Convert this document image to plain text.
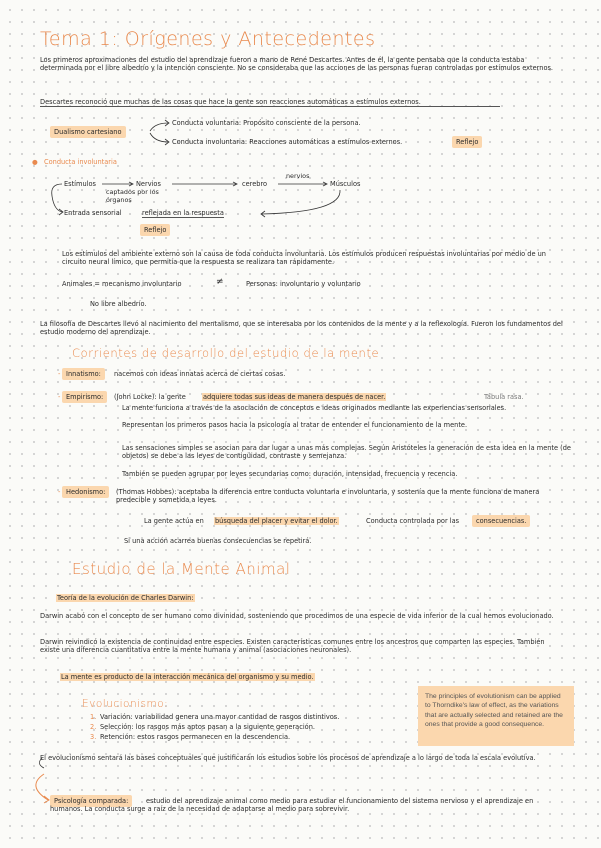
Tema 1: Orígenes y Antecedentes

Los primeros aproximaciones del estudio del aprendizaje fueron a mano de René Descartes. Antes de él, la gente pensaba que la conducta estaba determinada por el libre albedrío y la intención consciente. No se consideraba que las acciones de las personas fueran controladas por estímulos externos.

Descartes reconoció que muchas de las cosas que hace la gente son reacciones automáticas a estímulos externos.

Dualismo cartesiano
Conducta voluntaria: Propósito consciente de la persona.
Conducta involuntaria: Reacciones automáticas a estímulos externos.	Reflejo
● Conducta involuntaria
Estímulos
captados por los órganos
Nervios	cerebro
nervios
Músculos
Entrada sensorial	reflejada en la respuesta
Reflejo

Los estímulos del ambiente externo son la causa de toda conducta involuntaria. Los estímulos producen respuestas involuntarias por medio de un circuito neural límico, que permitía que la respuesta se realizara tan rápidamente.

Animales = mecanismo involuntario	≠	Personas: involuntario y voluntario
No libre albedrío.

La filosofía de Descartes llevó al nacimiento del mentalismo, que se interesaba por los contenidos de la mente y a la reflexología. Fueron los fundamentos del estudio moderno del aprendizaje.

Corrientes de desarrollo del estudio de la mente
- Innatismo:	nacemos con ideas innatas acerca de ciertas cosas.
- Empirismo:	(John Locke): la gente	adquiere todas sus ideas de manera después de nacer.	Tábula rasa.

La mente funciona a través de la asociación de conceptos e ideas originados mediante las experiencias sensoriales.

Representan los primeros pasos hacia la psicología al tratar de entender el funcionamiento de la mente.

Las sensaciones simples se asocian para dar lugar a unas más complejas. Según Aristóteles la generación de esta idea en la mente (de objetos) se debe a las leyes de contigüidad, contraste y semejanza.

También se pueden agrupar por leyes secundarias como: duración, intensidad, frecuencia y recencia.

- Hedonismo:	(Thomas Hobbes): aceptaba la diferencia entre conducta voluntaria e involuntaria, y sostenía que la mente funciona de manera predecible y sometida a leyes.

La gente actúa en búsqueda del placer y evitar el dolor.	Conducta controlada por las	consecuencias.
Si una acción acarrea buenas consecuencias se repetirá.
Estudio de la Mente Animal
Teoría de la evolución de Charles Darwin:

Darwin acabó con el concepto de ser humano como divinidad, sosteniendo que procedimos de una especie de vida inferior de la cual hemos evolucionado.

Darwin reivindicó la existencia de continuidad entre especies. Existen características comunes entre los ancestros que comparten las especies. También existe una diferencia cuantitativa entre la mente humana y animal (asociaciones neuronales).

La mente es producto de la interacción mecánica del organismo y su medio.
Evolucionismo:
1. Variación: variabilidad genera una mayor cantidad de rasgos distintivos.
2. Selección: los rasgos más aptos pasan a la siguiente generación.
3. Retención: estos rasgos permanecen en la descendencia.
The principles of evolutionism can be applied to Thorndike's law of effect, as the variations that are actually selected and retained are the ones that provide a good consequence.

El evolucionismo sentará las bases conceptuales que justificarán los estudios sobre los procesos de aprendizaje a lo largo de toda la escala evolutiva.

Psicología comparada:	estudio del aprendizaje animal como medio para estudiar el funcionamiento del sistema nervioso y el aprendizaje en humanos. La conducta surge a raíz de la necesidad de adaptarse al medio para sobrevivir.
